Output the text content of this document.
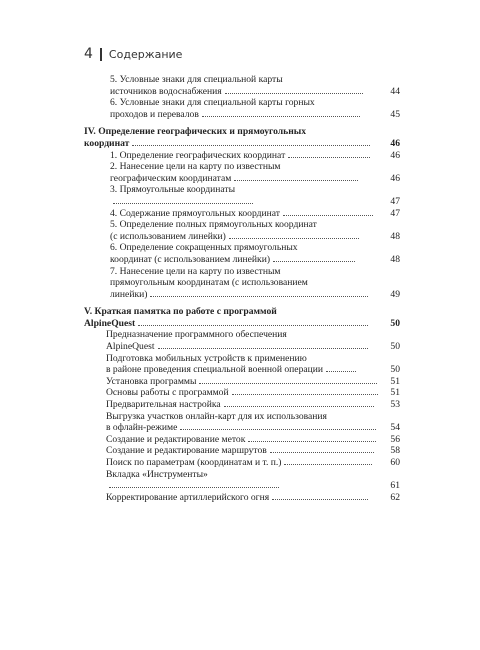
4 Содержание
5. Условные знаки для специальной карты
источников водоснабжения	44
6. Условные знаки для специальной карты горных
проходов и перевалов	45
IV. Определение географических и прямоугольных
координат	46
1. Определение географических координат	46
2. Нанесение цели на карту по известным
географическим координатам	46
3. Прямоугольные координаты
47
4. Содержание прямоугольных координат	47
5. Определение полных прямоугольных координат
(с использованием линейки)	48
6. Определение сокращенных прямоугольных
координат (с использованием линейки)	48
7. Нанесение цели на карту по известным
прямоугольным координатам (с использованием
линейки)	49
V. Краткая памятка по работе с программой
AlpineQuest	50
Предназначение программного обеспечения
AlpineQuest	50
Подготовка мобильных устройств к применению
в районе проведения специальной военной операции	50
Установка программы	51
Основы работы с программой	51
Предварительная настройка	53
Выгрузка участков онлайн-карт для их использования
в офлайн-режиме	54
Создание и редактирование меток	56
Создание и редактирование маршрутов	58
Поиск по параметрам (координатам и т. п.)	60
Вкладка «Инструменты»
61
Корректирование артиллерийского огня	62
